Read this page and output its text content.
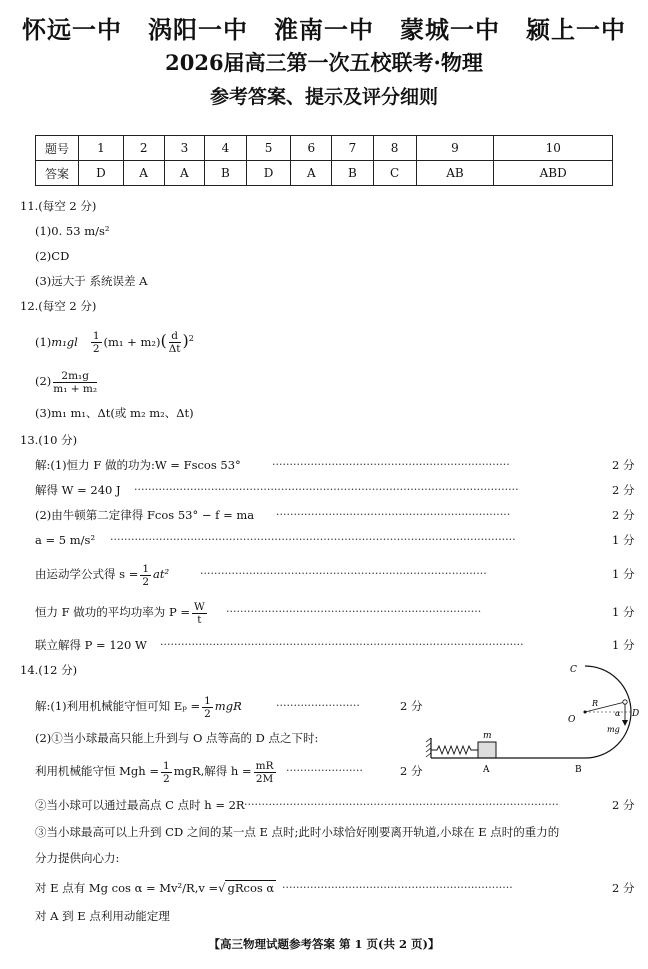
怀远一中 涡阳一中 淮南一中 蒙城一中 颍上一中
2026届高三第一次五校联考·物理
参考答案、提示及评分细则
题号	1	2	3	4	5	6	7	8	9	10
答案	D	A	A	B	D	A	B	C	AB	ABD
11.(每空 2 分)
(1)0. 53 m/s²
(2)CD
(3)远大于 系统误差 A
12.(每空 2 分)
$(1)m_1gl \frac{1}{2} (m_1 + m_2)( \frac{d}{\Delta t} )^2$
$(2) \frac{\text{2m₁g}}{\text{m₁ + m₂}}$
(3)m₁ m₁、Δt(或 m₂ m₂、Δt)
13.(10 分)
解:(1)恒力 F 做的功为:W = Fscos 53°	····································································	2 分
解得 W = 240 J ··············································································································	2 分
(2)由牛顿第二定律得 Fcos 53° − f = ma ···································································	2 分
a = 5 m/s² ····················································································································	1 分
由运动学公式得 $s = \frac{1}{2} at^2$	··················································································	1 分
恒力 F 做功的平均功率为 $P = \frac{W}{t}$ ·········································································	1 分
联立解得 P = 120 W ········································································································	1 分
14.(12 分)
解:(1)利用机械能守恒可知 $E_p = \frac{1}{2}$ mgR	························	2 分
(2)①当小球最高只能上升到与 O 点等高的 D 点之下时:
利用机械能守恒 Mgh = $\frac{1}{2}$ mgR,解得 $h = \frac{mR}{2M}$ ······················	2 分
②当小球可以通过最高点 C 点时 h = 2R ··························································································	2 分
③当小球最高可以上升到 CD 之间的某一点 E 点时;此时小球恰好刚要离开轨道,小球在 E 点时的重力的
分力提供向心力:
对 E 点有 Mg cos α = Mv²/R,v =√ gRcos α ··································································	2 分
对 A 到 E 点利用动能定理
m
A	B
C
O
R
α
mg
D
【高三物理试题参考答案 第 1 页(共 2 页)】
